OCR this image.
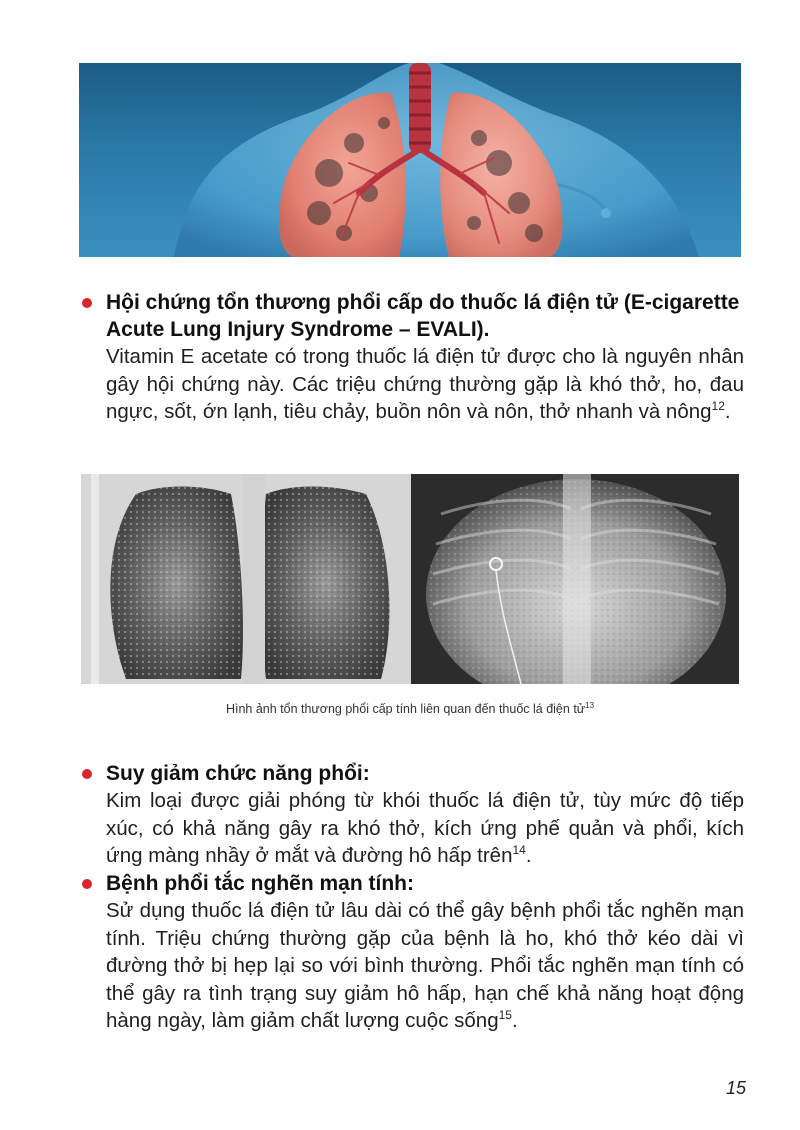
Hội chứng tổn thương phổi cấp do thuốc lá điện tử (E-cigarette Acute Lung Injury Syndrome – EVALI).
Vitamin E acetate có trong thuốc lá điện tử được cho là nguyên nhân gây hội chứng này. Các triệu chứng thường gặp là khó thở, ho, đau ngực, sốt, ớn lạnh, tiêu chảy, buồn nôn và nôn, thở nhanh và nông$^{12}$.
Hình ảnh tổn thương phổi cấp tính liên quan đến thuốc lá điện tử$^{13}$
Suy giảm chức năng phổi:
Kim loại được giải phóng từ khói thuốc lá điện tử, tùy mức độ tiếp xúc, có khả năng gây ra khó thở, kích ứng phế quản và phổi, kích ứng màng nhầy ở mắt và đường hô hấp trên$^{14}$.
Bệnh phổi tắc nghẽn mạn tính:
Sử dụng thuốc lá điện tử lâu dài có thể gây bệnh phổi tắc nghẽn mạn tính. Triệu chứng thường gặp của bệnh là ho, khó thở kéo dài vì đường thở bị hẹp lại so với bình thường. Phổi tắc nghẽn mạn tính có thể gây ra tình trạng suy giảm hô hấp, hạn chế khả năng hoạt động hàng ngày, làm giảm chất lượng cuộc sống$^{15}$.
15
